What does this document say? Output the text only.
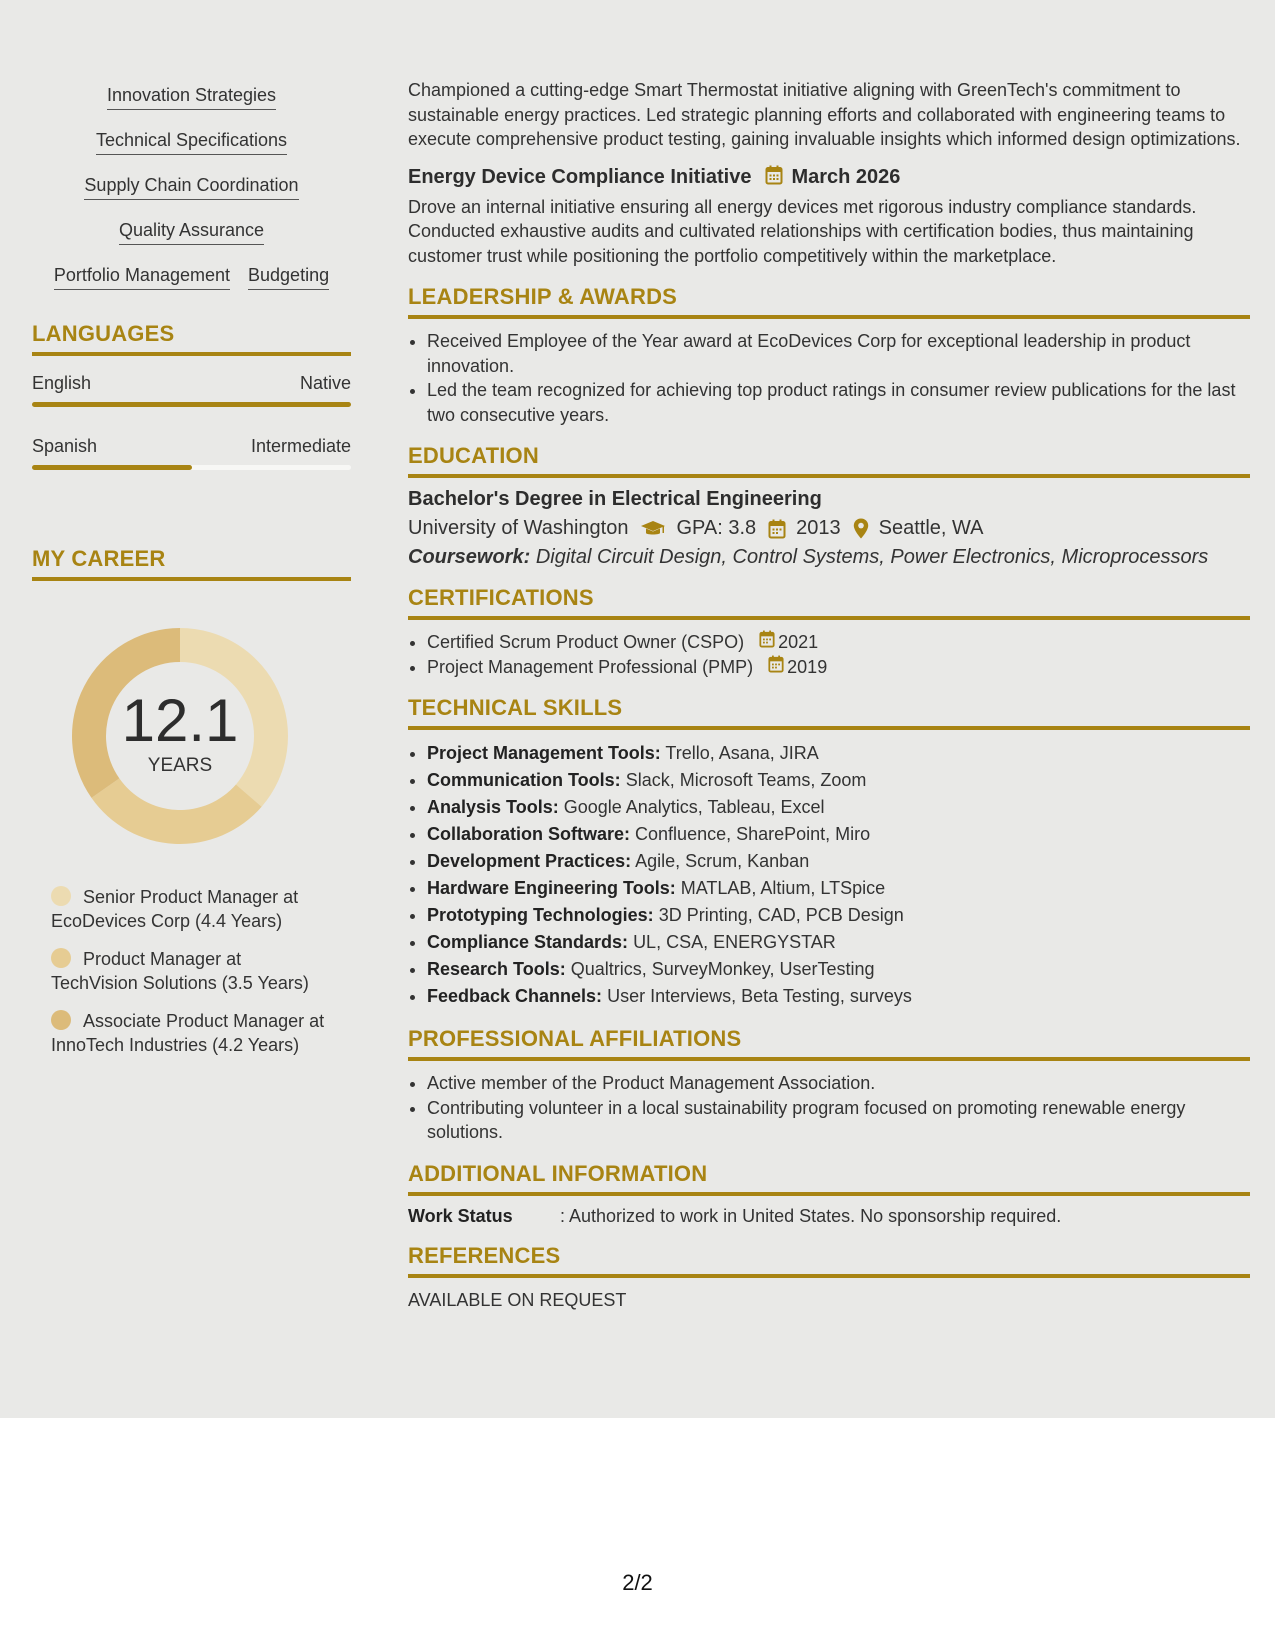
Innovation Strategies
Technical Specifications
Supply Chain Coordination
Quality Assurance
Portfolio Management Budgeting
LANGUAGES
English	Native
Spanish	Intermediate
MY CAREER
12.1
YEARS
Senior Product Manager at EcoDevices Corp (4.4 Years)
Product Manager at TechVision Solutions (3.5 Years)
Associate Product Manager at InnoTech Industries (4.2 Years)

Championed a cutting-edge Smart Thermostat initiative aligning with GreenTech's commitment to sustainable energy practices. Led strategic planning efforts and collaborated with engineering teams to execute comprehensive product testing, gaining invaluable insights which informed design optimizations.

Energy Device Compliance Initiative March 2026

Drove an internal initiative ensuring all energy devices met rigorous industry compliance standards. Conducted exhaustive audits and cultivated relationships with certification bodies, thus maintaining customer trust while positioning the portfolio competitively within the marketplace.

LEADERSHIP & AWARDS
• Received Employee of the Year award at EcoDevices Corp for exceptional leadership in product innovation.
• Led the team recognized for achieving top product ratings in consumer review publications for the last two consecutive years.
EDUCATION
Bachelor's Degree in Electrical Engineering
University of Washington GPA: 3.8 2013 Seattle, WA
Coursework: Digital Circuit Design, Control Systems, Power Electronics, Microprocessors
CERTIFICATIONS
• Certified Scrum Product Owner (CSPO) 2021
• Project Management Professional (PMP) 2019
TECHNICAL SKILLS
• Project Management Tools: Trello, Asana, JIRA
• Communication Tools: Slack, Microsoft Teams, Zoom
• Analysis Tools: Google Analytics, Tableau, Excel
• Collaboration Software: Confluence, SharePoint, Miro
• Development Practices: Agile, Scrum, Kanban
• Hardware Engineering Tools: MATLAB, Altium, LTSpice
• Prototyping Technologies: 3D Printing, CAD, PCB Design
• Compliance Standards: UL, CSA, ENERGYSTAR
• Research Tools: Qualtrics, SurveyMonkey, UserTesting
• Feedback Channels: User Interviews, Beta Testing, surveys
PROFESSIONAL AFFILIATIONS
• Active member of the Product Management Association.
• Contributing volunteer in a local sustainability program focused on promoting renewable energy solutions.
ADDITIONAL INFORMATION
Work Status	: Authorized to work in United States. No sponsorship required.
REFERENCES
AVAILABLE ON REQUEST
2/2
